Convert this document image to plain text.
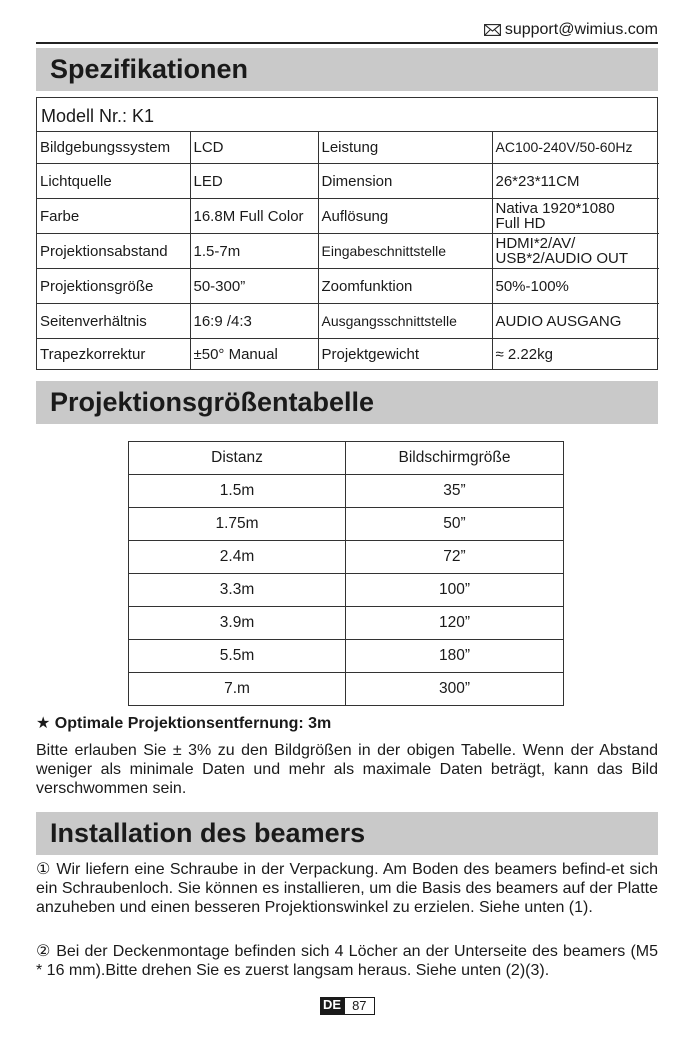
support@wimius.com
Spezifikationen
Modell Nr.: K1
Bildgebungssystem	LCD	Leistung	AC100-240V/50-60Hz
Lichtquelle	LED	Dimension	26*23*11CM
Farbe	16.8M Full Color	Auflösung	Nativa 1920*1080
Full HD
Projektionsabstand	1.5-7m	Eingabeschnittstelle	HDMI*2/AV/
USB*2/AUDIO OUT
Projektionsgröße	50-300”	Zoomfunktion	50%-100%
Seitenverhältnis	16:9 /4:3	Ausgangsschnittstelle	AUDIO AUSGANG
Trapezkorrektur	±50° Manual	Projektgewicht	≈ 2.22kg
Projektionsgrößentabelle
Distanz	Bildschirmgröße
1.5m	35”
1.75m	50”
2.4m	72”
3.3m	100”
3.9m	120”
5.5m	180”
7.m	300”
★ Optimale Projektionsentfernung: 3m
Bitte erlauben Sie ± 3% zu den Bildgrößen in der obigen Tabelle. Wenn der Abstand weniger als minimale Daten und mehr als maximale Daten beträgt, kann das Bild verschwommen sein.
Installation des beamers
① Wir liefern eine Schraube in der Verpackung. Am Boden des beamers befind-et sich ein Schraubenloch. Sie können es installieren, um die Basis des beamers auf der Platte anzuheben und einen besseren Projektionswinkel zu erzielen. Siehe unten (1).
② Bei der Deckenmontage befinden sich 4 Löcher an der Unterseite des beamers (M5 * 16 mm).Bitte drehen Sie es zuerst langsam heraus. Siehe unten (2)(3).
DE 87
